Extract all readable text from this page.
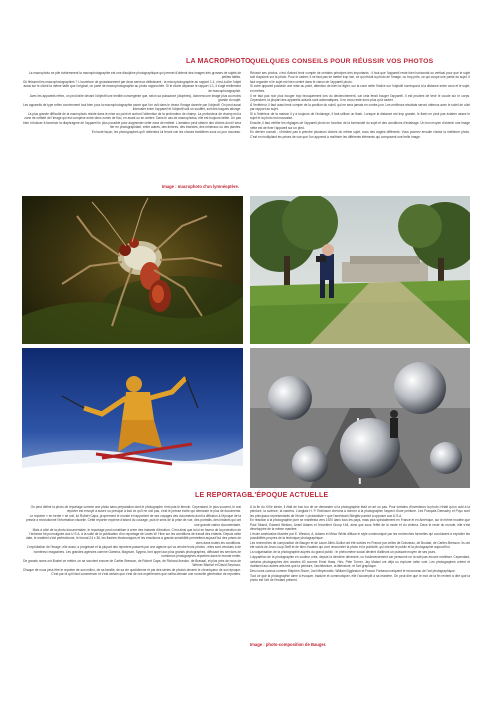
LA MACROPHOTO

La macrophoto se plie évidemment la macrophotographie est une discipline photographique qui permet d'obtenir des images très grosses de sujets de petites tailles.

Où finissent les macrophotographies ? L'ouverture de grossissement par deux serveux définissent : la microphotographie au rapport 1:1, c'est-à-dire l'objet aussi sur le cliché la même taille que l'original, on parle de macrophotographie au photo rapprochée. Si le cliché dépasse le rapport 1:1, il s'agit réellement de macrophotographie.

Avec les appareils reflex, on peut faire devant l'objectif une lentille convergente que, selon sa puissance (dioptries), donnera une image plus au moins grande du sujet.

Les appareils de type reflex conviennent tout bien pour la macrophotographie parce que l'on voit dans le viseur l'image donnée par l'objectif. On peut aussi intercaler entre l'appareil et l'objectif soit un soufflet, soit des bagues allonge.

La plus grande difficulté de la macrophoto réside dans le mise au point et surtout l'obtention de la profondeur de champ. La profondeur de champ est la zone de netteté de l'image qui est comprise entre deux zones de flou, en avant ou en arrière. Dans le cas de macrophotos, elle est toujours faible. Un pas bien s'évaluer à favoriser la diaphragme de l'appareil le plus possible pour augmenter cette zone de netteté. L'amateur peut obtenir des clichés dont il sera fier en photographiant, entre autres, des timbres, des insectes, des minéraux ou des plantes.

En toute façon, les photographes qu'il obtiendra lui feront voir les choses familières sous un jour nouveau.

Image : macrophoto d'un lymnéoptère.
QUELQUES CONSEILS POUR RÉUSSIR VOS PHOTOS

Réussir ses photos, c'est d'abord tenir compte de certains principes très importants : il faut que l'appareil reste bien horizontal ou vertical pour que le sujet soit d'aplomb sur la photo. Pour le cadrer, il ne faut pas se mettre trop loin, ce qui réduit la photo de l'image, ou trop près, ce qui coupe une partie du sujet. Il faut regarder si le sujet est bien centré dans le viseur de l'appareil photo.

Si votre appareil possède une mise au point, attention de bien la régler, sur la zone nette l'indice sur l'objectif correspond à la distance entre vous et le sujet, en mètres.

Il ne faut pas non plus bouger trop brusquement lors du déclenchement, car cela ferait bouger l'appareil. Il est prudent de tenir le coude sur le corps. Cependant, la plupart des appareils actuels sont automatiques. Il ne vous reste donc plus qu'à cadrer.

À l'extérieur, il faut aussi tenir compte de la position du soleil, qui ne sera jamais en contre-jour. Les meilleurs résultats seront obtenus avec le soleil de côté par rapport au sujet.

Si à l'intérieur de la maison il y a toujours de l'éclairage, il faut utiliser un flash. Lorsque la distance est trop grande, le flash ne peut pas éclairer assez le sujet et la photo est mauvaise.

Ensuite, il faut vérifier les réglages de l'appareil photo en fonction de la luminosité du sujet et des conditions d'éclairage. Un bon moyen d'obtenir une image nette est de fixer l'appareil sur un pied.

En dernier conseil : n'hésitez pas à prendre plusieurs clichés du même sujet, sous des angles différents. Vous pourrez ensuite choisir la meilleure photo. C'est en multipliant les prises de vue que l'on apprend à maîtriser les différents éléments qui composent une belle image.

LE REPORTAGE

On peut définir la photo de reportage comme une photo sans préparation dont le photographe n'est pas le témoin. Cependant, le plus souvent, le vrai reporter est envoyé à suivre ou presque à tout ce qu'il ne voit pas, c'est le presse écrite qui demande le plus de documents.

Le reporter « en herbe » se voit, lui Robert Capa, proprement le monde et rapportent de ses voyages des documents dont la diffusion à l'époque de la presse a révolutionné l'information visuelle. Cette reporter exprime d'abord du courage, puis le sens de la prise de vue, des portraits, des instants qui ont une grande valeur documentaire.

Mais à côté de la photo documentaire, le reportage peut constituer à créer des instants d'émotion. C'est ainsi que la loi en faveur de la protection de l'enfance fut promulguée aux U.S.A. à la suite de la publication d'un reportage de Lewis W. Hine sur les conditions de travail des enfants. Depuis cette date, le matériel s'est perfectionné, le format 24 x 36, les flashes électroniques et les émulsions à grande sensibilité permettent aujourd'hui des prises de vues dans toutes les conditions.

L'exploitation de l'image, elle aussi, a progressé et la plupart des reporters passent par une agence qui va vendre leurs photos : elles sont vendues à de nombreux magazines. Les grandes agences comme Gamma, Magnum, Sygma, font appel aux plus grands photographes, diffusant les services de nombreux photographes-reporters dans le monde entier.

De grands noms ont illustré ce métier, on se souvient encore de Cartier Bresson, de Robert Capa, de Richard Avedon, de Brassaï, et plus près de nous de Werner Bischof et David Seymour.

Chaque de nous peut être le reporter de son milieu, de sa famille, de sa vie quotidienne et par des séries de photos devenir le chroniqueur de son époque. C'est par là qu'il faut commencer et c'est certain que c'est de ces expériences que naîtra demain une nouvelle génération de reporters.

L'ÉPOQUE ACTUELLE

À la fin du XIXe siècle, il était de bon ton de se demander si la photographie était un art ou pas. Pour certains d'inventeurs la photo n'était qu'un outil à la peinture, la science, la caméra. L'anglais H. P. Robinson chercha à donner à la photographie l'aspect d'une peinture. Les Français Demachy et Puyo sont les principaux représentants de l'école « pictorialiste » que l'américain Stieglitz parvint à opposer aux U.S.A.

En réaction à la photographie pure se manifesta vers 1920 dans tous les pays, mais plus spécialement en France et en Amérique, sur le même modèle que Paul Strand, Edward Weston, Ansel Adams et l'excellent Group f.64, ainsi que sous l'effet de la mode et du cinéma. Dans le reste du monde, elle s'est développée de la même manière.

L'école américaine illustrée par E. Weston, A. Adams et Minor White diffuse le style communiqué par les recherches formelles qui conduisent à exploiter les possibilités propres de la technique photographique.

Les recherches de composition de Bauger et de Laure Albin-Guillot ont été suivies en France par celles de Doisneau, de Boubat, de Cartier-Bresson. Ils ont été suivis de Jean-Loup Sieff et de bien d'autres qui vont renouveler la photo et la publicité, qui oriente le public et la photographie aujourd'hui.

La vulgarisation de la photographie auprès du grand public : le phénomène social devient d'ailleurs un puissant moyen de ses jours.

L'apparition de la photographie en couleur créa, depuis la dernière décennie, un bouleversement car personne ne la sait pas encore maîtriser. Cependant, certains photographes des années 60 comme Ernst Haas, Hiro, Pete Turner, Jay Maisel ont déjà su explorer cette voie. Les photographes créent et rivalisent aux autres arts tels que la peinture, l'architecture, la littérature, et l'art graphique.

Des noms connus comme Stephen Shore, Joel Meyerowitz, William Eggleston et Franco Fontana marquent le renouveau de l'art photographique.

Tout ce que la photographie aime à évoquer, traduire et communiquer, elle l'accomplit à sa manière. On peut dire que le mot de la fin revient à dire que la photo est l'art de l'instant présent.

Image : photo-composition de Bauger.
